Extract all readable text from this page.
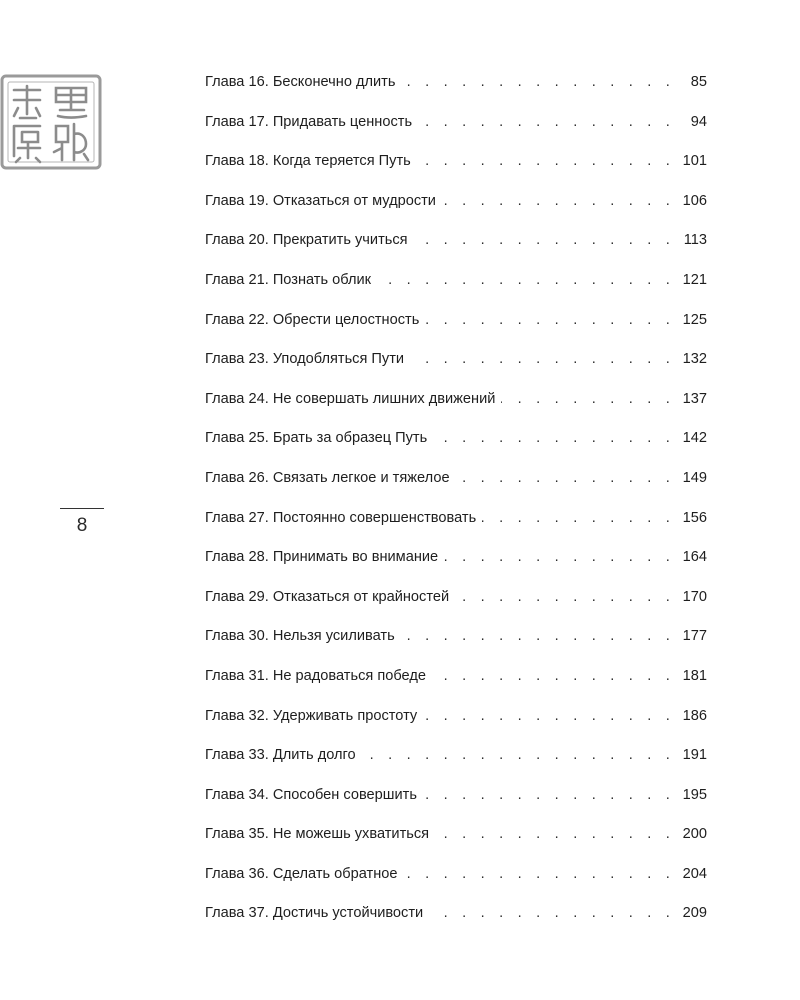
8
Глава 16. Бесконечно длить . . .	85
Глава 17. Придавать ценность . . .	94
Глава 18. Когда теряется Путь . . .	101
Глава 19. Отказаться от мудрости . . .	106
Глава 20. Прекратить учиться . . .	113
Глава 21. Познать облик . . .	121
Глава 22. Обрести целостность . . .	125
Глава 23. Уподобляться Пути . . .	132
Глава 24. Не совершать лишних движений . . .	137
Глава 25. Брать за образец Путь . . .	142
Глава 26. Связать легкое и тяжелое . . .	149
Глава 27. Постоянно совершенствовать . . .	156
Глава 28. Принимать во внимание . . .	164
Глава 29. Отказаться от крайностей . . .	170
Глава 30. Нельзя усиливать . . .	177
Глава 31. Не радоваться победе . . .	181
Глава 32. Удерживать простоту . . .	186
Глава 33. Длить долго . . .	191
Глава 34. Способен совершить . . .	195
Глава 35. Не можешь ухватиться . . .	200
Глава 36. Сделать обратное . . .	204
Глава 37. Достичь устойчивости . . .	209
